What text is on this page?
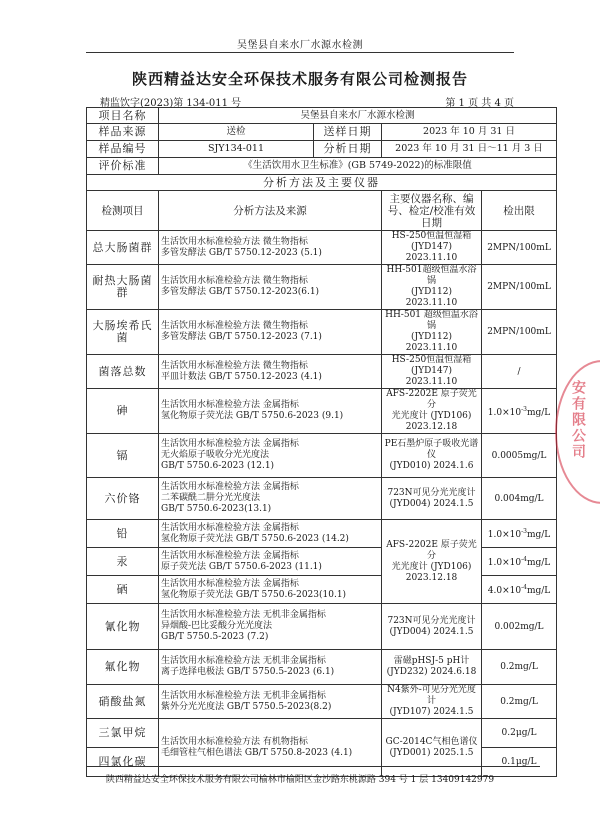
吴堡县自来水厂水源水检测
陕西精益达安全环保技术服务有限公司检测报告
精监饮字(2023)第 134-011 号	第 1 页 共 4 页
项目名称	吴堡县自来水厂水源水检测			
样品来源	送检	送样日期	2023 年 10 月 31 日	
样品编号	SJY134-011	分析日期	2023 年 10 月 31 日～11 月 3 日	
评价标准	《生活饮用水卫生标准》(GB 5749-2022)的标准限值			
分析方法及主要仪器				
检测项目	分析方法及来源		主要仪器名称、编号、检定/校准有效日期	检出限
总大肠菌群	生活饮用水标准检验方法 微生物指标
多管发酵法 GB/T 5750.12-2023 (5.1)		HS-250恒温恒湿箱
(JYD147) 2023.11.10	2MPN/100mL
耐热大肠菌群	生活饮用水标准检验方法 微生物指标
多管发酵法 GB/T 5750.12-2023(6.1)		HH-501超级恒温水浴锅
(JYD112) 2023.11.10	2MPN/100mL
大肠埃希氏菌	生活饮用水标准检验方法 微生物指标
多管发酵法 GB/T 5750.12-2023 (7.1)		HH-501 超级恒温水浴锅
(JYD112) 2023.11.10	2MPN/100mL
菌落总数	生活饮用水标准检验方法 微生物指标
平皿计数法 GB/T 5750.12-2023 (4.1)		HS-250恒温恒湿箱
(JYD147) 2023.11.10	/
砷	生活饮用水标准检验方法 金属指标
氢化物原子荧光法 GB/T 5750.6-2023 (9.1)		AFS-2202E 原子荧光分
光光度计 (JYD106)
2023.12.18	$1.0\times 10^{-3}mg/L$
镉	生活饮用水标准检验方法 金属指标
无火焰原子吸收分光光度法
GB/T 5750.6-2023 (12.1)		PE石墨炉原子吸收光谱仪
(JYD010) 2024.1.6	0.0005mg/L
六价铬	生活饮用水标准检验方法 金属指标
二苯碳酰二肼分光光度法
GB/T 5750.6-2023(13.1)		723N可见分光光度计
(JYD004) 2024.1.5	0.004mg/L
铅	生活饮用水标准检验方法 金属指标
氢化物原子荧光法 GB/T 5750.6-2023 (14.2)		AFS-2202E 原子荧光分
光光度计 (JYD106)
2023.12.18	$1.0\times 10^{-3}mg/L$
汞	生活饮用水标准检验方法 金属指标
原子荧光法 GB/T 5750.6-2023 (11.1)			$1.0\times 10^{-4}mg/L$
硒	生活饮用水标准检验方法 金属指标
氢化物原子荧光法 GB/T 5750.6-2023(10.1)			$4.0\times 10^{-4}mg/L$
氰化物	生活饮用水标准检验方法 无机非金属指标
异烟酸-巴比妥酸分光光度法
GB/T 5750.5-2023 (7.2)		723N可见分光光度计
(JYD004) 2024.1.5	0.002mg/L
氟化物	生活饮用水标准检验方法 无机非金属指标
离子选择电极法 GB/T 5750.5-2023 (6.1)		雷磁pHSJ-5 pH计
(JYD232) 2024.6.18	0.2mg/L
硝酸盐氮	生活饮用水标准检验方法 无机非金属指标
紫外分光光度法 GB/T 5750.5-2023(8.2)		N4紫外-可见分光光度计
(JYD107) 2024.1.5	0.2mg/L
三氯甲烷	生活饮用水标准检验方法 有机物指标
毛细管柱气相色谱法 GB/T 5750.8-2023 (4.1)		GC-2014C气相色谱仪
(JYD001) 2025.1.5	0.2μg/L
四氯化碳				0.1μg/L
安有限公司
陕西精益达安全环保技术服务有限公司榆林市榆阳区金沙路东桃源路 394 号 1 层 13409142979
